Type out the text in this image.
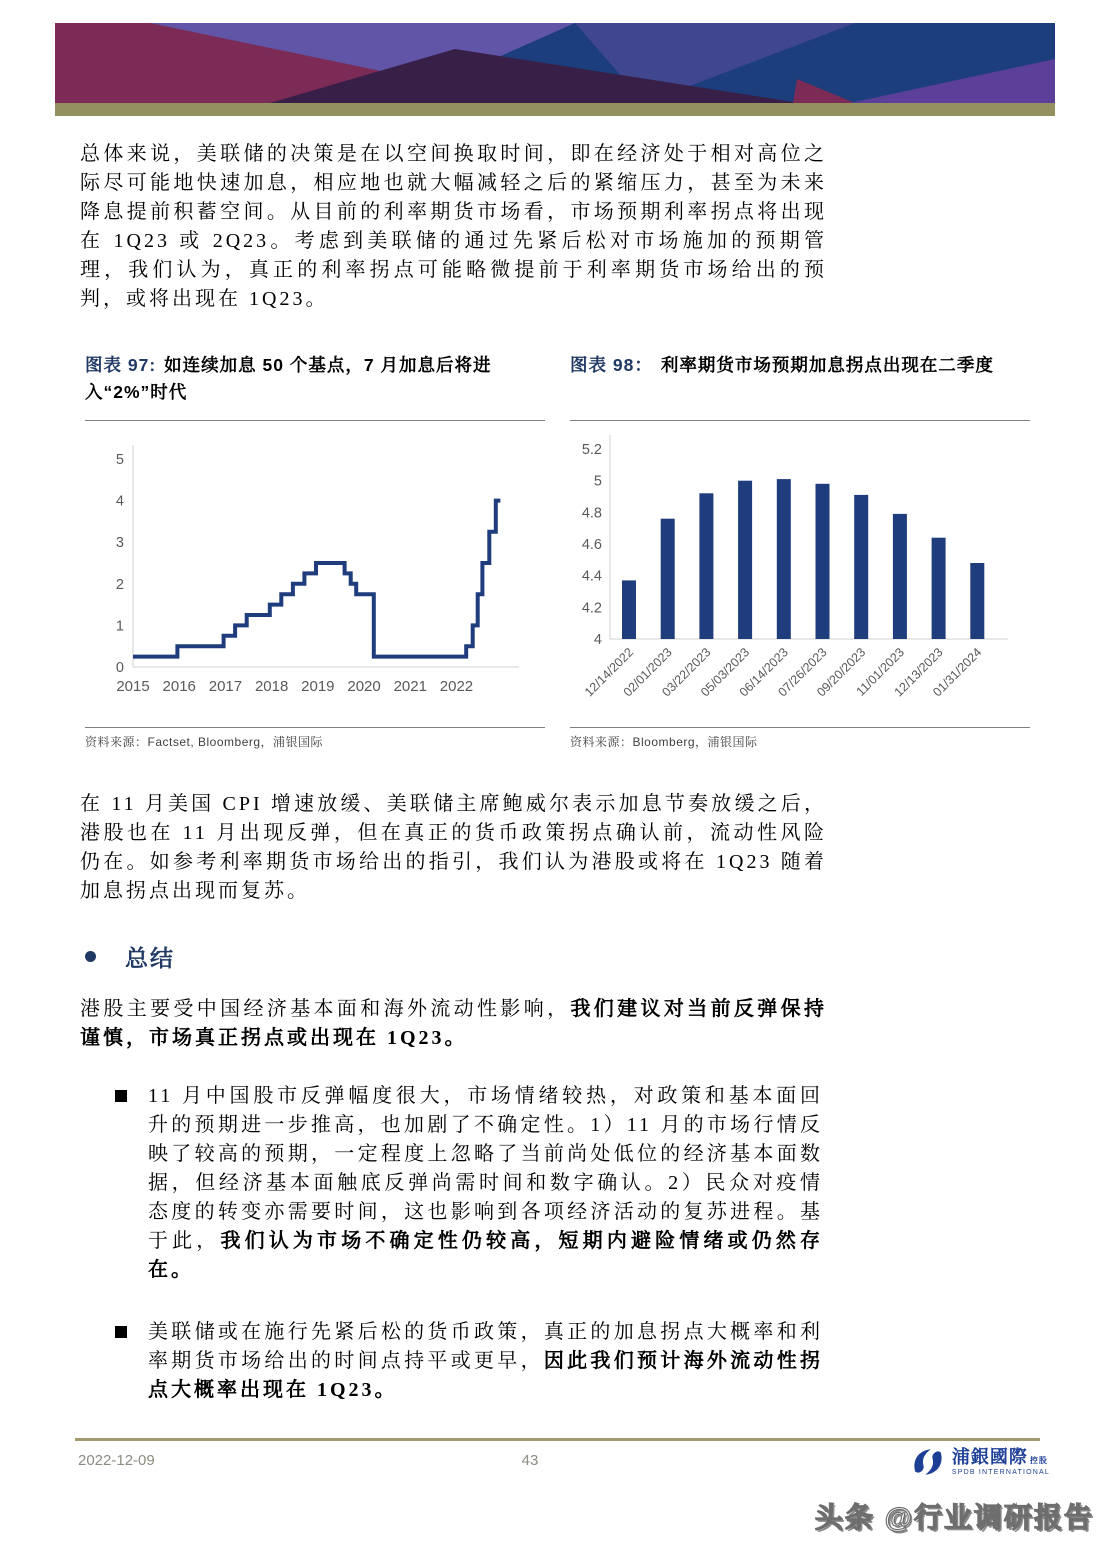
总体来说，美联储的决策是在以空间换取时间，即在经济处于相对高位之际尽可能地快速加息，相应地也就大幅减轻之后的紧缩压力，甚至为未来降息提前积蓄空间。从目前的利率期货市场看，市场预期利率拐点将出现在 1Q23 或 2Q23。考虑到美联储的通过先紧后松对市场施加的预期管理，我们认为，真正的利率拐点可能略微提前于利率期货市场给出的预判，或将出现在 1Q23。
图表 97: 如连续加息 50 个基点，7 月加息后将进入“2%”时代
0
1
2
3
4
5
2015 2016 2017 2018 2019 2020 2021 2022
资料来源：Factset, Bloomberg，浦银国际
图表 98： 利率期货市场预期加息拐点出现在二季度
4
4.2
4.4
4.6
4.8
5
5.2
12/14/2022
02/01/2023
03/22/2023
05/03/2023
06/14/2023
07/26/2023
09/20/2023
11/01/2023
12/13/2023
01/31/2024
资料来源：Bloomberg，浦银国际
在 11 月美国 CPI 增速放缓、美联储主席鲍威尔表示加息节奏放缓之后，港股也在 11 月出现反弹，但在真正的货币政策拐点确认前，流动性风险仍在。如参考利率期货市场给出的指引，我们认为港股或将在 1Q23 随着加息拐点出现而复苏。
总结
港股主要受中国经济基本面和海外流动性影响，我们建议对当前反弹保持谨慎，市场真正拐点或出现在 1Q23。
11 月中国股市反弹幅度很大，市场情绪较热，对政策和基本面回升的预期进一步推高，也加剧了不确定性。1）11 月的市场行情反映了较高的预期，一定程度上忽略了当前尚处低位的经济基本面数据，但经济基本面触底反弹尚需时间和数字确认。2）民众对疫情态度的转变亦需要时间，这也影响到各项经济活动的复苏进程。基于此，我们认为市场不确定性仍较高，短期内避险情绪或仍然存在。
美联储或在施行先紧后松的货币政策，真正的加息拐点大概率和利率期货市场给出的时间点持平或更早，因此我们预计海外流动性拐点大概率出现在 1Q23。
2022-12-09	43	浦銀國際 控股
SPDB INTERNATIONAL
头条 @行业调研报告
